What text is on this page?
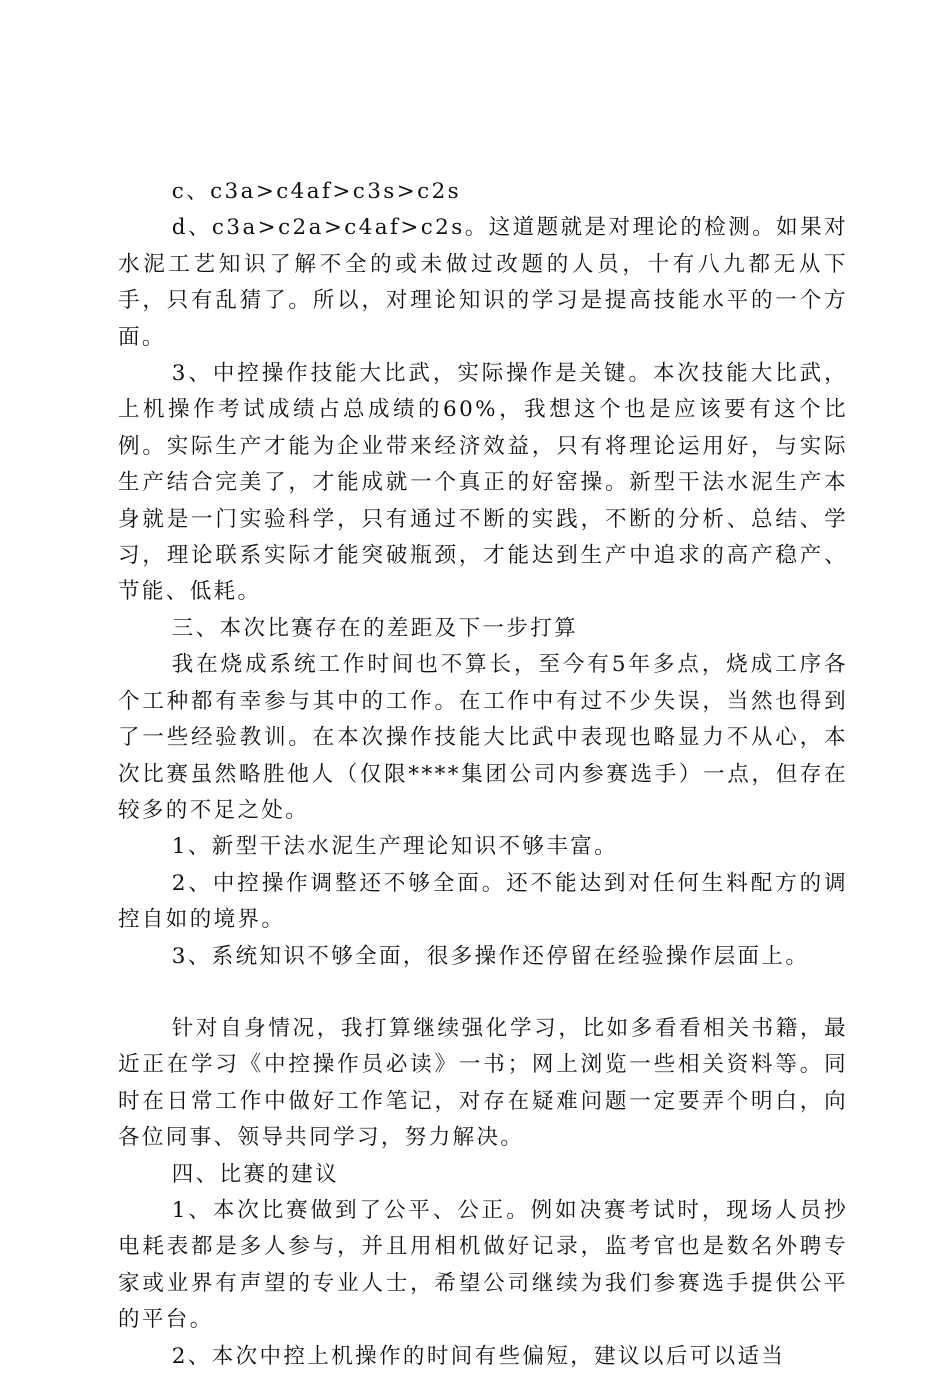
c、c3a>c4af>c3s>c2s

d、c3a>c2a>c4af>c2s。这道题就是对理论的检测。如果对水泥工艺知识了解不全的或未做过改题的人员，十有八九都无从下手，只有乱猜了。所以，对理论知识的学习是提高技能水平的一个方面。

3、中控操作技能大比武，实际操作是关键。本次技能大比武，上机操作考试成绩占总成绩的60%，我想这个也是应该要有这个比例。实际生产才能为企业带来经济效益，只有将理论运用好，与实际生产结合完美了，才能成就一个真正的好窑操。新型干法水泥生产本身就是一门实验科学，只有通过不断的实践，不断的分析、总结、学习，理论联系实际才能突破瓶颈，才能达到生产中追求的高产稳产、节能、低耗。

三、本次比赛存在的差距及下一步打算

我在烧成系统工作时间也不算长，至今有5年多点，烧成工序各个工种都有幸参与其中的工作。在工作中有过不少失误，当然也得到了一些经验教训。在本次操作技能大比武中表现也略显力不从心，本次比赛虽然略胜他人（仅限****集团公司内参赛选手）一点，但存在较多的不足之处。

1、新型干法水泥生产理论知识不够丰富。

2、中控操作调整还不够全面。还不能达到对任何生料配方的调控自如的境界。

3、系统知识不够全面，很多操作还停留在经验操作层面上。

针对自身情况，我打算继续强化学习，比如多看看相关书籍，最近正在学习《中控操作员必读》一书；网上浏览一些相关资料等。同时在日常工作中做好工作笔记，对存在疑难问题一定要弄个明白，向各位同事、领导共同学习，努力解决。

四、比赛的建议

1、本次比赛做到了公平、公正。例如决赛考试时，现场人员抄电耗表都是多人参与，并且用相机做好记录，监考官也是数名外聘专家或业界有声望的专业人士，希望公司继续为我们参赛选手提供公平的平台。

2、本次中控上机操作的时间有些偏短，建议以后可以适当
